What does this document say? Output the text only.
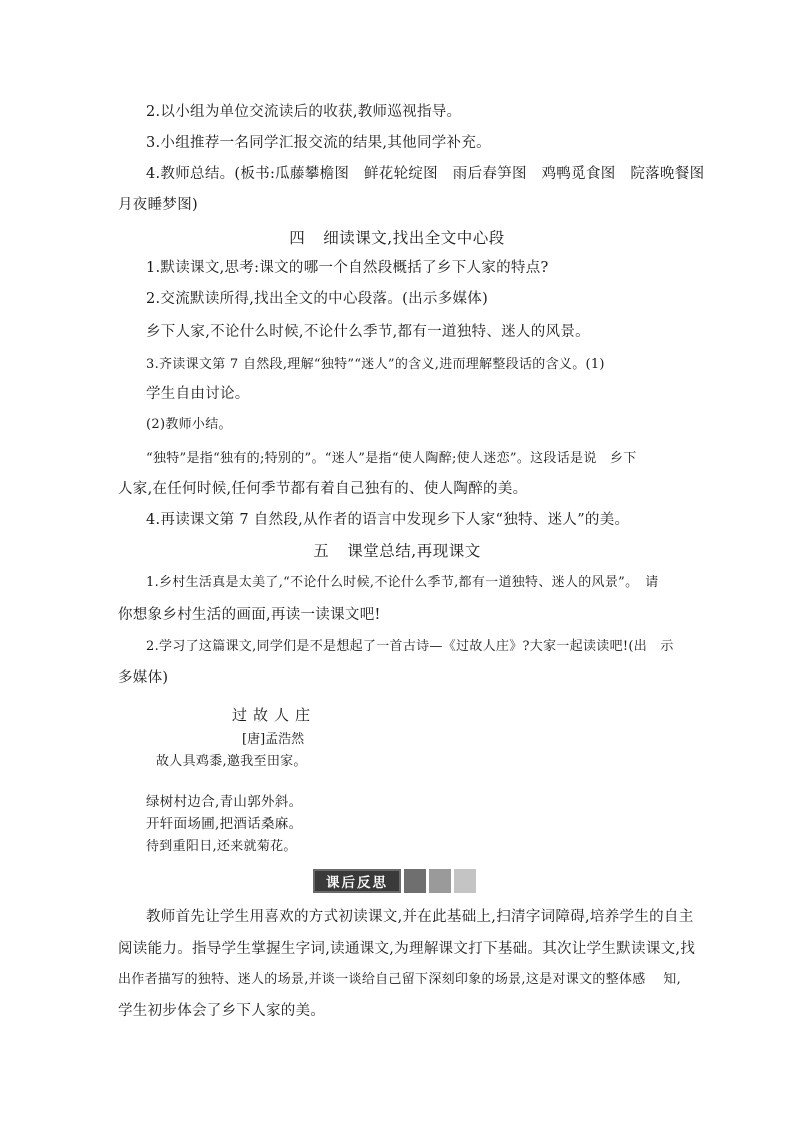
2.以小组为单位交流读后的收获,教师巡视指导。
3.小组推荐一名同学汇报交流的结果,其他同学补充。
4.教师总结。(板书:瓜藤攀檐图　鲜花轮绽图　雨后春笋图　鸡鸭觅食图　院落晚餐图
月夜睡梦图)
四 细读课文,找出全文中心段
1.默读课文,思考:课文的哪一个自然段概括了乡下人家的特点?
2.交流默读所得,找出全文的中心段落。(出示多媒体)
乡下人家,不论什么时候,不论什么季节,都有一道独特、迷人的风景。
3.齐读课文第 7 自然段,理解“独特”“迷人”的含义,进而理解整段话的含义。(1)
学生自由讨论。
(2)教师小结。
“独特”是指“独有的;特别的”。“迷人”是指“使人陶醉;使人迷恋”。这段话是说　乡下
人家,在任何时候,任何季节都有着自己独有的、使人陶醉的美。
4.再读课文第 7 自然段,从作者的语言中发现乡下人家“独特、迷人”的美。
五 课堂总结,再现课文
1.乡村生活真是太美了,“不论什么时候,不论什么季节,都有一道独特、迷人的风景”。　请
你想象乡村生活的画面,再读一读课文吧!
2.学习了这篇课文,同学们是不是想起了一首古诗—《过故人庄》?大家一起读读吧!(出　示
多媒体)
过故人庄
[唐]孟浩然
故人具鸡黍,邀我至田家。
绿树村边合,青山郭外斜。
开轩面场圃,把酒话桑麻。
待到重阳日,还来就菊花。
课后反思
教师首先让学生用喜欢的方式初读课文,并在此基础上,扫清字词障碍,培养学生的自主
阅读能力。指导学生掌握生字词,读通课文,为理解课文打下基础。其次让学生默读课文,找
出作者描写的独特、迷人的场景,并谈一谈给自己留下深刻印象的场景,这是对课文的整体感　 知,
学生初步体会了乡下人家的美。
